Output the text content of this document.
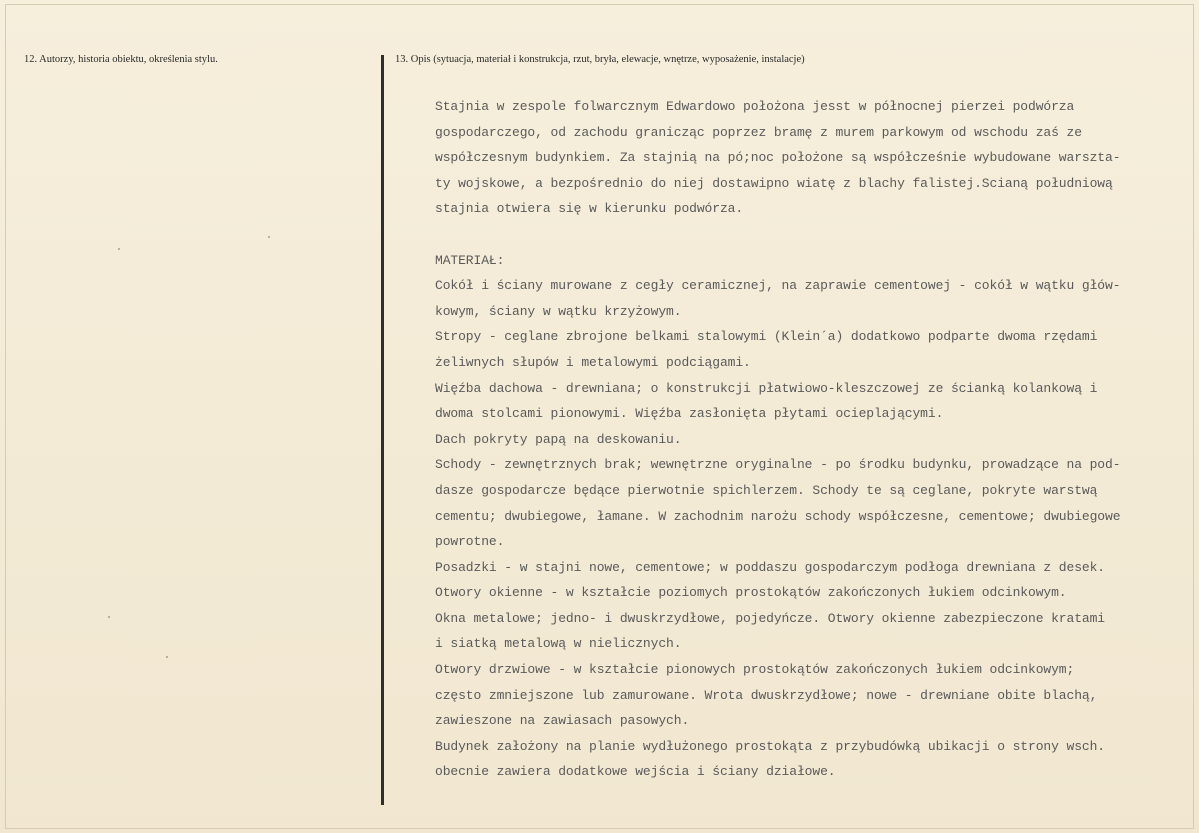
12. Autorzy, historia obiektu, określenia stylu.	13. Opis (sytuacja, materiał i konstrukcja, rzut, bryła, elewacje, wnętrze, wyposażenie, instalacje)
Stajnia w zespole folwarcznym Edwardowo położona jesst w północnej pierzei podwórza
gospodarczego, od zachodu granicząc poprzez bramę z murem parkowym od wschodu zaś ze
współczesnym budynkiem. Za stajnią na pó;noc położone są współcześnie wybudowane warszta-
ty wojskowe, a bezpośrednio do niej dostawipno wiatę z blachy falistej.Scianą południową
stajnia otwiera się w kierunku podwórza.
MATERIAŁ:
Cokół i ściany murowane z cegły ceramicznej, na zaprawie cementowej - cokół w wątku głów-
kowym, ściany w wątku krzyżowym.
Stropy - ceglane zbrojone belkami stalowymi (Klein´a) dodatkowo podparte dwoma rzędami
żeliwnych słupów i metalowymi podciągami.
Więźba dachowa - drewniana; o konstrukcji płatwiowo-kleszczowej ze ścianką kolankową i
dwoma stolcami pionowymi. Więźba zasłonięta płytami ocieplającymi.
Dach pokryty papą na deskowaniu.
Schody - zewnętrznych brak; wewnętrzne oryginalne - po środku budynku, prowadzące na pod-
dasze gospodarcze będące pierwotnie spichlerzem. Schody te są ceglane, pokryte warstwą
cementu; dwubiegowe, łamane. W zachodnim narożu schody współczesne, cementowe; dwubiegowe
powrotne.
Posadzki - w stajni nowe, cementowe; w poddaszu gospodarczym podłoga drewniana z desek.
Otwory okienne - w kształcie poziomych prostokątów zakończonych łukiem odcinkowym.
Okna metalowe; jedno- i dwuskrzydłowe, pojedyńcze. Otwory okienne zabezpieczone kratami
i siatką metalową w nielicznych.
Otwory drzwiowe - w kształcie pionowych prostokątów zakończonych łukiem odcinkowym;
często zmniejszone lub zamurowane. Wrota dwuskrzydłowe; nowe - drewniane obite blachą,
zawieszone na zawiasach pasowych.
Budynek założony na planie wydłużonego prostokąta z przybudówką ubikacji o strony wsch.
obecnie zawiera dodatkowe wejścia i ściany działowe.
